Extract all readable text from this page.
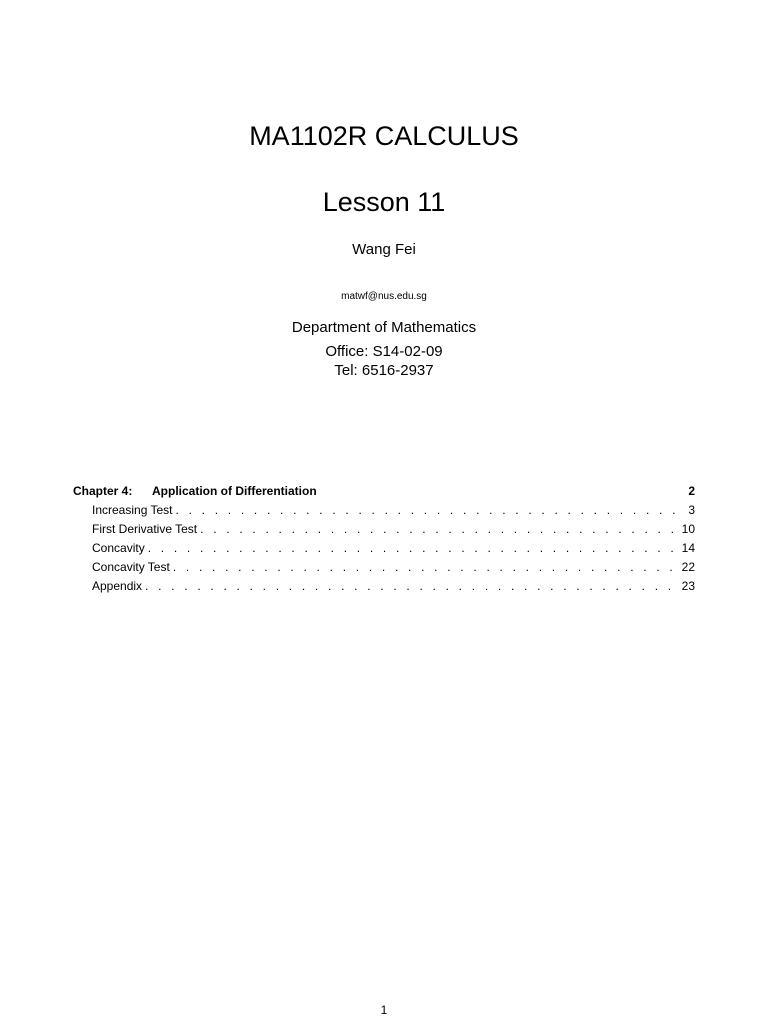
MA1102R CALCULUS
Lesson 11
Wang Fei
matwf@nus.edu.sg
Department of Mathematics
Office: S14-02-09
Tel: 6516-2937
Chapter 4:	Application of Differentiation	2
Increasing Test . . .	3
First Derivative Test . . .	10
Concavity . . .	14
Concavity Test . . .	22
Appendix . . .	23
1
